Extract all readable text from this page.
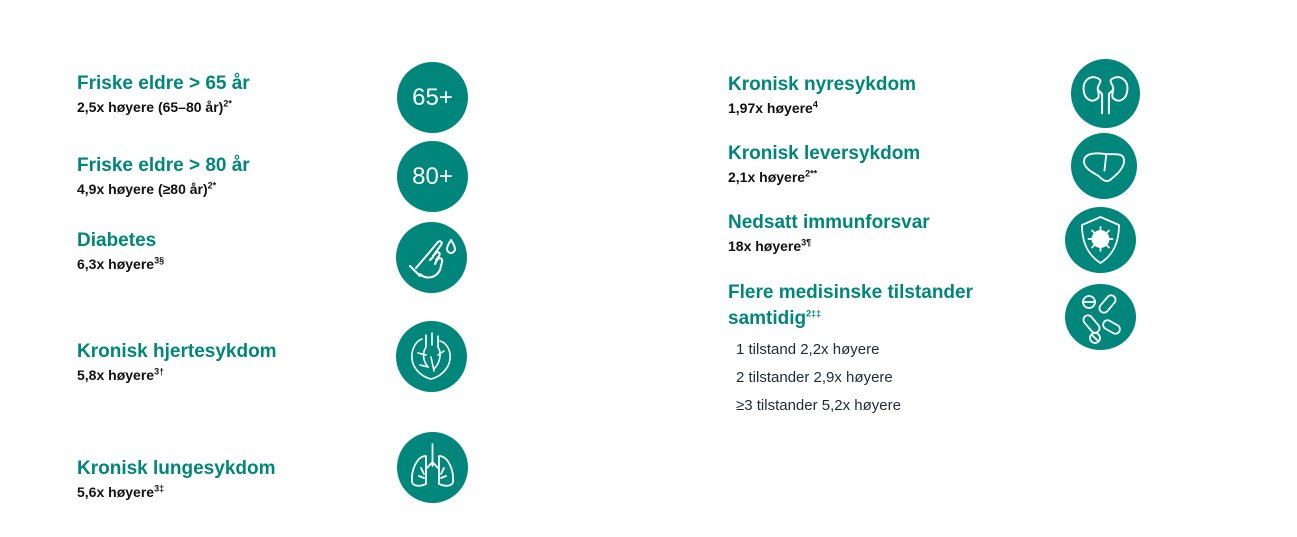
Friske eldre > 65 år
2,5x høyere (65–80 år)$^{2*}$	65+
Friske eldre > 80 år
4,9x høyere (≥80 år)$^{2*}$	80+
Diabetes
6,3x høyere$^{3\S}$
Kronisk hjertesykdom
5,8x høyere$^{3\dagger}$
Kronisk lungesykdom
5,6x høyere$^{3\ddagger}$
Kronisk nyresykdom
1,97x høyere$^4$
Kronisk leversykdom
2,1x høyere$^{2**}$
Nedsatt immunforsvar
18x høyere$^{3\P}$
Flere medisinske tilstander
samtidig$^{2\ddagger\ddagger}$
1 tilstand 2,2x høyere
2 tilstander 2,9x høyere
≥3 tilstander 5,2x høyere
